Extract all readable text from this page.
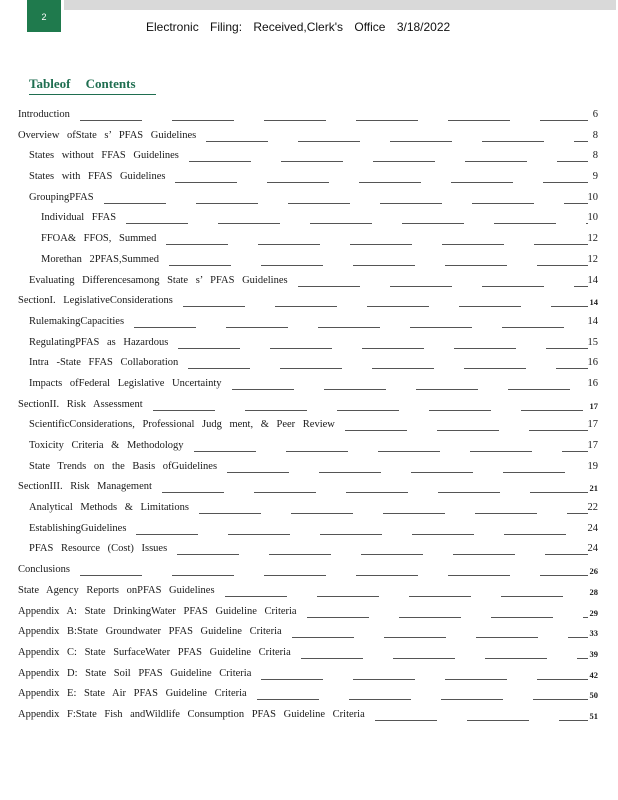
2
Electronic Filing: Received,Clerk's Office 3/18/2022
Tableof Contents
Introduction	6
Overview ofState s’ PFAS Guidelines	8
States without FFAS Guidelines	8
States with FFAS Guidelines	9
GroupingPFAS	10
Individual FFAS	10
FFOA& FFOS, Summed	12
Morethan 2PFAS,Summed	12
Evaluating Differencesamong State s’ PFAS Guidelines	14
SectionI. LegislativeConsiderations	14
RulemakingCapacities	14
RegulatingPFAS as Hazardous	15
Intra -State FFAS Collaboration	16
Impacts ofFederal Legislative Uncertainty	16
SectionII. Risk Assessment	17
ScientificConsiderations, Professional Judg ment, & Peer Review	17
Toxicity Criteria & Methodology	17
State Trends on the Basis ofGuidelines	19
SectionIII. Risk Management	21
Analytical Methods & Limitations	22
EstablishingGuidelines	24
PFAS Resource (Cost) Issues	24
Conclusions	26
State Agency Reports onPFAS Guidelines	28
Appendix A: State DrinkingWater PFAS Guideline Criteria	29
Appendix B:State Groundwater PFAS Guideline Criteria	33
Appendix C: State SurfaceWater PFAS Guideline Criteria	39
Appendix D: State Soil PFAS Guideline Criteria	42
Appendix E: State Air PFAS Guideline Criteria	50
Appendix F:State Fish andWildlife Consumption PFAS Guideline Criteria	51
